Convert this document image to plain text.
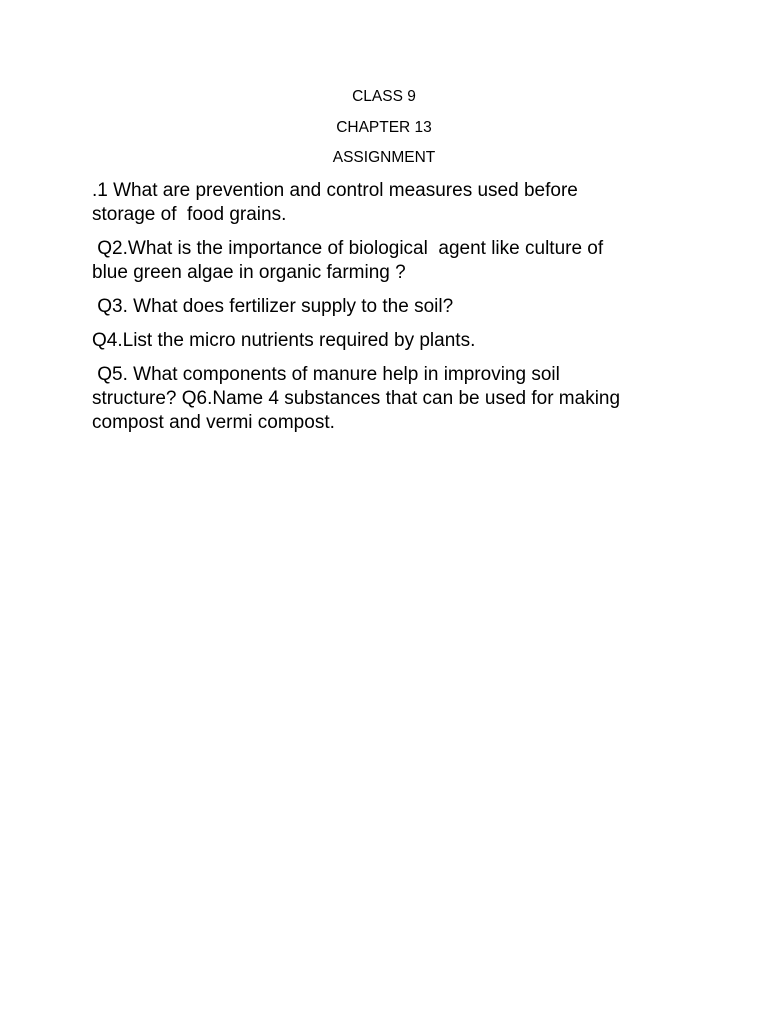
CLASS 9
CHAPTER 13
ASSIGNMENT

.1 What are prevention and control measures used before
storage of  food grains.

Q2.What is the importance of biological  agent like culture of
blue green algae in organic farming ?

Q3. What does fertilizer supply to the soil?

Q4.List the micro nutrients required by plants.

Q5. What components of manure help in improving soil
structure? Q6.Name 4 substances that can be used for making
compost and vermi compost.
